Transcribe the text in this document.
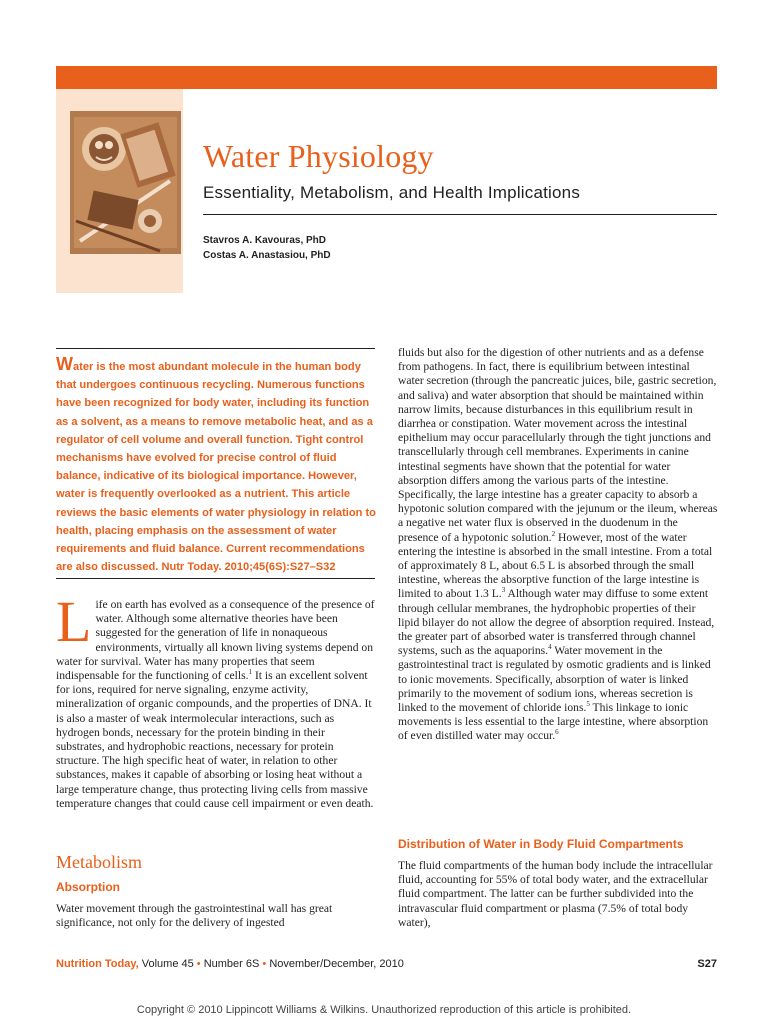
Water Physiology
Essentiality, Metabolism, and Health Implications
Stavros A. Kavouras, PhD
Costas A. Anastasiou, PhD

Water is the most abundant molecule in the human body that undergoes continuous recycling. Numerous functions have been recognized for body water, including its function as a solvent, as a means to remove metabolic heat, and as a regulator of cell volume and overall function. Tight control mechanisms have evolved for precise control of fluid balance, indicative of its biological importance. However, water is frequently overlooked as a nutrient. This article reviews the basic elements of water physiology in relation to health, placing emphasis on the assessment of water requirements and fluid balance. Current recommendations are also discussed. Nutr Today. 2010;45(6S):S27–S32

Life on earth has evolved as a consequence of the presence of water. Although some alternative theories have been suggested for the generation of life in nonaqueous environments, virtually all known living systems depend on water for survival. Water has many properties that seem indispensable for the functioning of cells.$^1$ It is an excellent solvent for ions, required for nerve signaling, enzyme activity, mineralization of organic compounds, and the properties of DNA. It is also a master of weak intermolecular interactions, such as hydrogen bonds, necessary for the protein binding in their substrates, and hydrophobic reactions, necessary for protein structure. The high specific heat of water, in relation to other substances, makes it capable of absorbing or losing heat without a large temperature change, thus protecting living cells from massive temperature changes that could cause cell impairment or even death.

Metabolism
Absorption

Water movement through the gastrointestinal wall has great significance, not only for the delivery of ingested

fluids but also for the digestion of other nutrients and as a defense from pathogens. In fact, there is equilibrium between intestinal water secretion (through the pancreatic juices, bile, gastric secretion, and saliva) and water absorption that should be maintained within narrow limits, because disturbances in this equilibrium result in diarrhea or constipation. Water movement across the intestinal epithelium may occur paracellularly through the tight junctions and transcellularly through cell membranes. Experiments in canine intestinal segments have shown that the potential for water absorption differs among the various parts of the intestine. Specifically, the large intestine has a greater capacity to absorb a hypotonic solution compared with the jejunum or the ileum, whereas a negative net water flux is observed in the duodenum in the presence of a hypotonic solution.$^2$ However, most of the water entering the intestine is absorbed in the small intestine. From a total of approximately 8 L, about 6.5 L is absorbed through the small intestine, whereas the absorptive function of the large intestine is limited to about 1.3 L.$^3$ Although water may diffuse to some extent through cellular membranes, the hydrophobic properties of their lipid bilayer do not allow the degree of absorption required. Instead, the greater part of absorbed water is transferred through channel systems, such as the aquaporins.$^4$ Water movement in the gastrointestinal tract is regulated by osmotic gradients and is linked to ionic movements. Specifically, absorption of water is linked primarily to the movement of sodium ions, whereas secretion is linked to the movement of chloride ions.$^5$ This linkage to ionic movements is less essential to the large intestine, where absorption of even distilled water may occur.$^6$

Distribution of Water in Body Fluid Compartments

The fluid compartments of the human body include the intracellular fluid, accounting for 55% of total body water, and the extracellular fluid compartment. The latter can be further subdivided into the intravascular fluid compartment or plasma (7.5% of total body water),

Nutrition Today, Volume 45 • Number 6S • November/December, 2010	S27
Copyright © 2010 Lippincott Williams & Wilkins. Unauthorized reproduction of this article is prohibited.
